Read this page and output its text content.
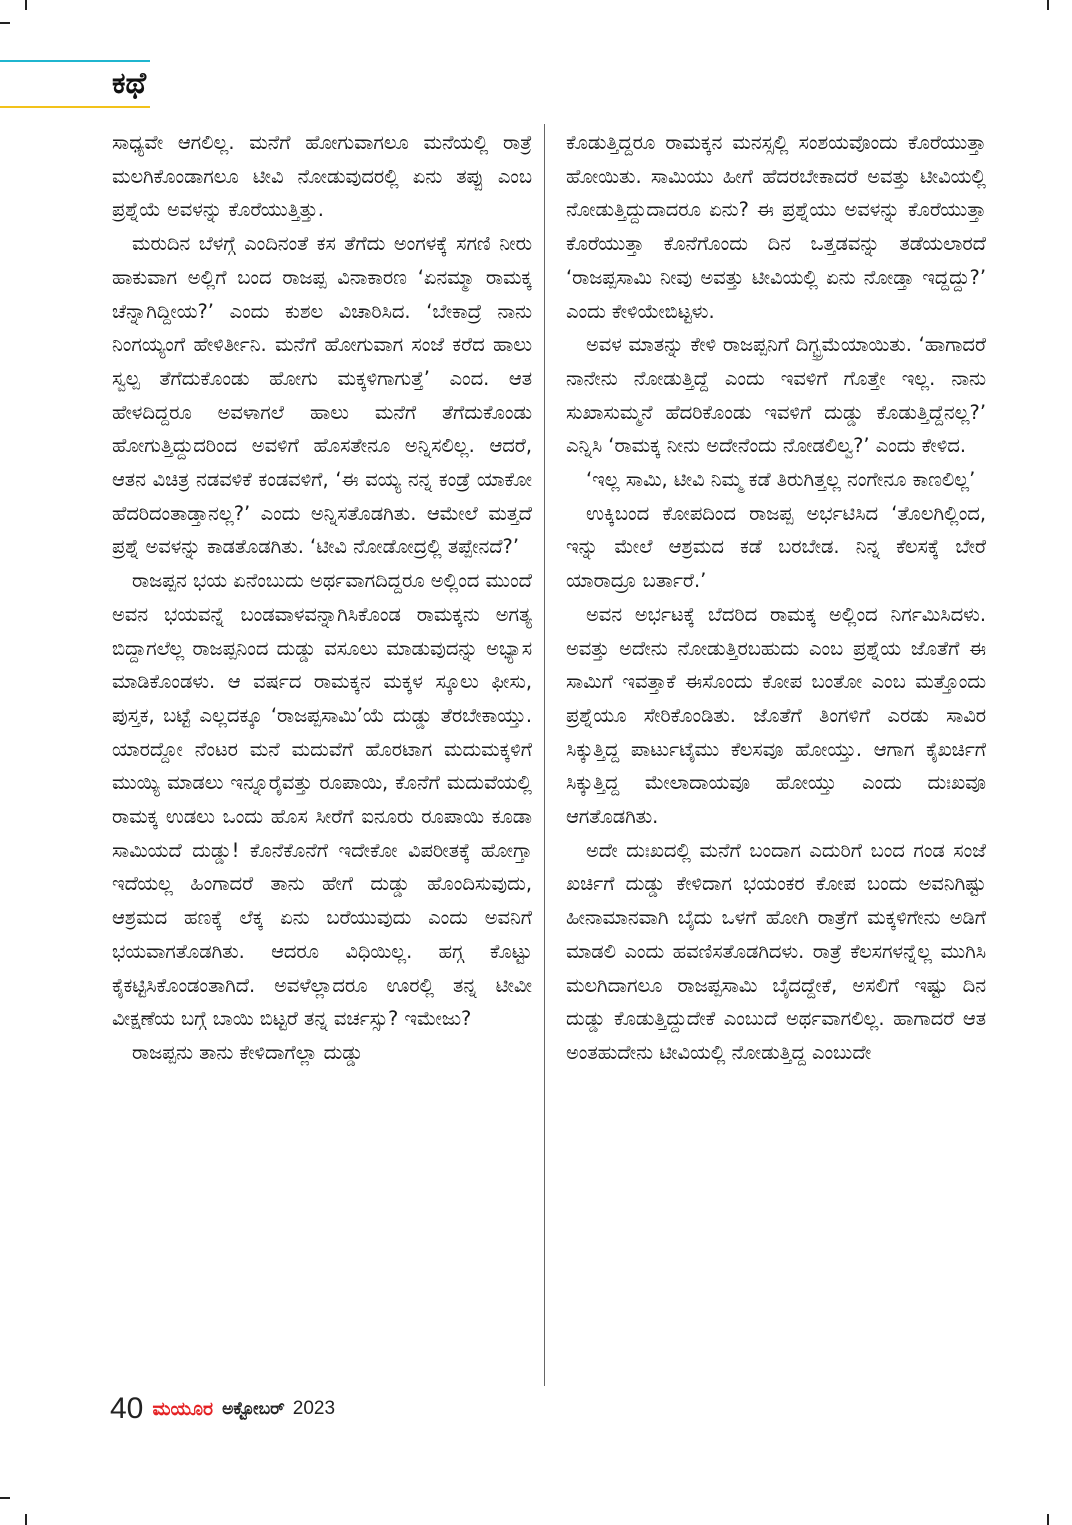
ಕಥೆ

ಸಾಧ್ಯವೇ ಆಗಲಿಲ್ಲ. ಮನೆಗೆ ಹೋಗುವಾಗಲೂ ಮನೆಯಲ್ಲಿ ರಾತ್ರೆ ಮಲಗಿಕೊಂಡಾಗಲೂ ಟೀವಿ ನೋಡುವುದರಲ್ಲಿ ಏನು ತಪ್ಪು ಎಂಬ ಪ್ರಶ್ನೆಯೆ ಅವಳನ್ನು ಕೊರೆಯುತ್ತಿತ್ತು.

ಮರುದಿನ ಬೆಳಗ್ಗೆ ಎಂದಿನಂತೆ ಕಸ ತೆಗೆದು ಅಂಗಳಕ್ಕೆ ಸಗಣಿ ನೀರು ಹಾಕುವಾಗ ಅಲ್ಲಿಗೆ ಬಂದ ರಾಜಪ್ಪ ವಿನಾಕಾರಣ ‘ಏನಮ್ಮಾ ರಾಮಕ್ಕ ಚೆನ್ನಾಗಿದ್ದೀಯ?’ ಎಂದು ಕುಶಲ ವಿಚಾರಿಸಿದ. ‘ಬೇಕಾದ್ರೆ ನಾನು ನಿಂಗಯ್ಯಂಗೆ ಹೇಳಿರ್ತೀನಿ. ಮನೆಗೆ ಹೋಗುವಾಗ ಸಂಜೆ ಕರೆದ ಹಾಲು ಸ್ವಲ್ಪ ತೆಗೆದುಕೊಂಡು ಹೋಗು ಮಕ್ಕಳಿಗಾಗುತ್ತೆ’ ಎಂದ. ಆತ ಹೇಳದಿದ್ದರೂ ಅವಳಾಗಲೆ ಹಾಲು ಮನೆಗೆ ತೆಗೆದುಕೊಂಡು ಹೋಗುತ್ತಿದ್ದುದರಿಂದ ಅವಳಿಗೆ ಹೊಸತೇನೂ ಅನ್ನಿಸಲಿಲ್ಲ. ಆದರೆ, ಆತನ ವಿಚಿತ್ರ ನಡವಳಿಕೆ ಕಂಡವಳಿಗೆ, ‘ಈ ವಯ್ಯ ನನ್ನ ಕಂಡ್ರೆ ಯಾಕೋ ಹೆದರಿದಂತಾಡ್ತಾನಲ್ಲ?’ ಎಂದು ಅನ್ನಿಸತೊಡಗಿತು. ಆಮೇಲೆ ಮತ್ತದೆ ಪ್ರಶ್ನೆ ಅವಳನ್ನು ಕಾಡತೊಡಗಿತು. ‘ಟೀವಿ ನೋಡೋದ್ರಲ್ಲಿ ತಪ್ಪೇನದೆ?’

ರಾಜಪ್ಪನ ಭಯ ಏನೆಂಬುದು ಅರ್ಥವಾಗದಿದ್ದರೂ ಅಲ್ಲಿಂದ ಮುಂದೆ ಅವನ ಭಯವನ್ನೆ ಬಂಡವಾಳವನ್ನಾಗಿಸಿಕೊಂಡ ರಾಮಕ್ಕನು ಅಗತ್ಯ ಬಿದ್ದಾಗಲೆಲ್ಲ ರಾಜಪ್ಪನಿಂದ ದುಡ್ಡು ವಸೂಲು ಮಾಡುವುದನ್ನು ಅಭ್ಯಾಸ ಮಾಡಿಕೊಂಡಳು. ಆ ವರ್ಷದ ರಾಮಕ್ಕನ ಮಕ್ಕಳ ಸ್ಕೂಲು ಫೀಸು, ಪುಸ್ತಕ, ಬಟ್ಟೆ ಎಲ್ಲದಕ್ಕೂ ‘ರಾಜಪ್ಪಸಾಮಿ’ಯೆ ದುಡ್ಡು ತೆರಬೇಕಾಯ್ತು. ಯಾರದ್ದೋ ನೆಂಟರ ಮನೆ ಮದುವೆಗೆ ಹೊರಟಾಗ ಮದುಮಕ್ಕಳಿಗೆ ಮುಯ್ಯಿ ಮಾಡಲು ಇನ್ನೂರೈವತ್ತು ರೂಪಾಯಿ, ಕೊನೆಗೆ ಮದುವೆಯಲ್ಲಿ ರಾಮಕ್ಕ ಉಡಲು ಒಂದು ಹೊಸ ಸೀರೆಗೆ ಐನೂರು ರೂಪಾಯಿ ಕೂಡಾ ಸಾಮಿಯದೆ ದುಡ್ಡು! ಕೊನೆಕೊನೆಗೆ ಇದೇಕೋ ವಿಪರೀತಕ್ಕೆ ಹೋಗ್ತಾ ಇದೆಯಲ್ಲ ಹಿಂಗಾದರೆ ತಾನು ಹೇಗೆ ದುಡ್ಡು ಹೊಂದಿಸುವುದು, ಆಶ್ರಮದ ಹಣಕ್ಕೆ ಲೆಕ್ಕ ಏನು ಬರೆಯುವುದು ಎಂದು ಅವನಿಗೆ ಭಯವಾಗತೊಡಗಿತು. ಆದರೂ ವಿಧಿಯಿಲ್ಲ. ಹಗ್ಗ ಕೊಟ್ಟು ಕೈಕಟ್ಟಿಸಿಕೊಂಡಂತಾಗಿದೆ. ಅವಳೆಲ್ಲಾದರೂ ಊರಲ್ಲಿ ತನ್ನ ಟೀವೀ ವೀಕ್ಷಣೆಯ ಬಗ್ಗೆ ಬಾಯಿ ಬಿಟ್ಟರೆ ತನ್ನ ವರ್ಚಸ್ಸು? ಇಮೇಜು?

ರಾಜಪ್ಪನು ತಾನು ಕೇಳಿದಾಗೆಲ್ಲಾ ದುಡ್ಡು

ಕೊಡುತ್ತಿದ್ದರೂ ರಾಮಕ್ಕನ ಮನಸ್ಸಲ್ಲಿ ಸಂಶಯವೊಂದು ಕೊರೆಯುತ್ತಾ ಹೋಯಿತು. ಸಾಮಿಯು ಹೀಗೆ ಹೆದರಬೇಕಾದರೆ ಅವತ್ತು ಟೀವಿಯಲ್ಲಿ ನೋಡುತ್ತಿದ್ದುದಾದರೂ ಏನು? ಈ ಪ್ರಶ್ನೆಯು ಅವಳನ್ನು ಕೊರೆಯುತ್ತಾ ಕೊರೆಯುತ್ತಾ ಕೊನೆಗೊಂದು ದಿನ ಒತ್ತಡವನ್ನು ತಡೆಯಲಾರದೆ ‘ರಾಜಪ್ಪಸಾಮಿ ನೀವು ಅವತ್ತು ಟೀವಿಯಲ್ಲಿ ಏನು ನೋಡ್ತಾ ಇದ್ದದ್ದು?’ ಎಂದು ಕೇಳಿಯೇಬಿಟ್ಟಳು.

ಅವಳ ಮಾತನ್ನು ಕೇಳಿ ರಾಜಪ್ಪನಿಗೆ ದಿಗ್ಭ್ರಮೆಯಾಯಿತು. ‘ಹಾಗಾದರೆ ನಾನೇನು ನೋಡುತ್ತಿದ್ದೆ ಎಂದು ಇವಳಿಗೆ ಗೊತ್ತೇ ಇಲ್ಲ. ನಾನು ಸುಖಾಸುಮ್ಮನೆ ಹೆದರಿಕೊಂಡು ಇವಳಿಗೆ ದುಡ್ಡು ಕೊಡುತ್ತಿದ್ದೆನಲ್ಲ?’ ಎನ್ನಿಸಿ ‘ರಾಮಕ್ಕ ನೀನು ಅದೇನೆಂದು ನೋಡಲಿಲ್ವ?’ ಎಂದು ಕೇಳಿದ.

‘ಇಲ್ಲ ಸಾಮಿ, ಟೀವಿ ನಿಮ್ಮ ಕಡೆ ತಿರುಗಿತ್ತಲ್ಲ ನಂಗೇನೂ ಕಾಣಲಿಲ್ಲ’

ಉಕ್ಕಿಬಂದ ಕೋಪದಿಂದ ರಾಜಪ್ಪ ಅರ್ಭಟಿಸಿದ ‘ತೊಲಗಿಲ್ಲಿಂದ, ಇನ್ನು ಮೇಲೆ ಆಶ್ರಮದ ಕಡೆ ಬರಬೇಡ. ನಿನ್ನ ಕೆಲಸಕ್ಕೆ ಬೇರೆ ಯಾರಾದ್ರೂ ಬರ್ತಾರೆ.’

ಅವನ ಅರ್ಭಟಕ್ಕೆ ಬೆದರಿದ ರಾಮಕ್ಕ ಅಲ್ಲಿಂದ ನಿರ್ಗಮಿಸಿದಳು. ಅವತ್ತು ಅದೇನು ನೋಡುತ್ತಿರಬಹುದು ಎಂಬ ಪ್ರಶ್ನೆಯ ಜೊತೆಗೆ ಈ ಸಾಮಿಗೆ ಇವತ್ತಾಕೆ ಈಸೊಂದು ಕೋಪ ಬಂತೋ ಎಂಬ ಮತ್ತೊಂದು ಪ್ರಶ್ನೆಯೂ ಸೇರಿಕೊಂಡಿತು. ಜೊತೆಗೆ ತಿಂಗಳಿಗೆ ಎರಡು ಸಾವಿರ ಸಿಕ್ಕುತ್ತಿದ್ದ ಪಾರ್ಟುಟೈಮು ಕೆಲಸವೂ ಹೋಯ್ತು. ಆಗಾಗ ಕೈಖರ್ಚಿಗೆ ಸಿಕ್ಕುತ್ತಿದ್ದ ಮೇಲಾದಾಯವೂ ಹೋಯ್ತು ಎಂದು ದುಃಖವೂ ಆಗತೊಡಗಿತು.

ಅದೇ ದುಃಖದಲ್ಲಿ ಮನೆಗೆ ಬಂದಾಗ ಎದುರಿಗೆ ಬಂದ ಗಂಡ ಸಂಜೆ ಖರ್ಚಿಗೆ ದುಡ್ಡು ಕೇಳಿದಾಗ ಭಯಂಕರ ಕೋಪ ಬಂದು ಅವನಿಗಿಷ್ಟು ಹೀನಾಮಾನವಾಗಿ ಬೈದು ಒಳಗೆ ಹೋಗಿ ರಾತ್ರೆಗೆ ಮಕ್ಕಳಿಗೇನು ಅಡಿಗೆ ಮಾಡಲಿ ಎಂದು ಹವಣಿಸತೊಡಗಿದಳು. ರಾತ್ರೆ ಕೆಲಸಗಳನ್ನೆಲ್ಲ ಮುಗಿಸಿ ಮಲಗಿದಾಗಲೂ ರಾಜಪ್ಪಸಾಮಿ ಬೈದದ್ದೇಕೆ, ಅಸಲಿಗೆ ಇಷ್ಟು ದಿನ ದುಡ್ಡು ಕೊಡುತ್ತಿದ್ದುದೇಕೆ ಎಂಬುದೆ ಅರ್ಥವಾಗಲಿಲ್ಲ. ಹಾಗಾದರೆ ಆತ ಅಂತಹುದೇನು ಟೀವಿಯಲ್ಲಿ ನೋಡುತ್ತಿದ್ದ ಎಂಬುದೇ

40 ಮಯೂರ ಅಕ್ಟೋಬರ್ 2023
